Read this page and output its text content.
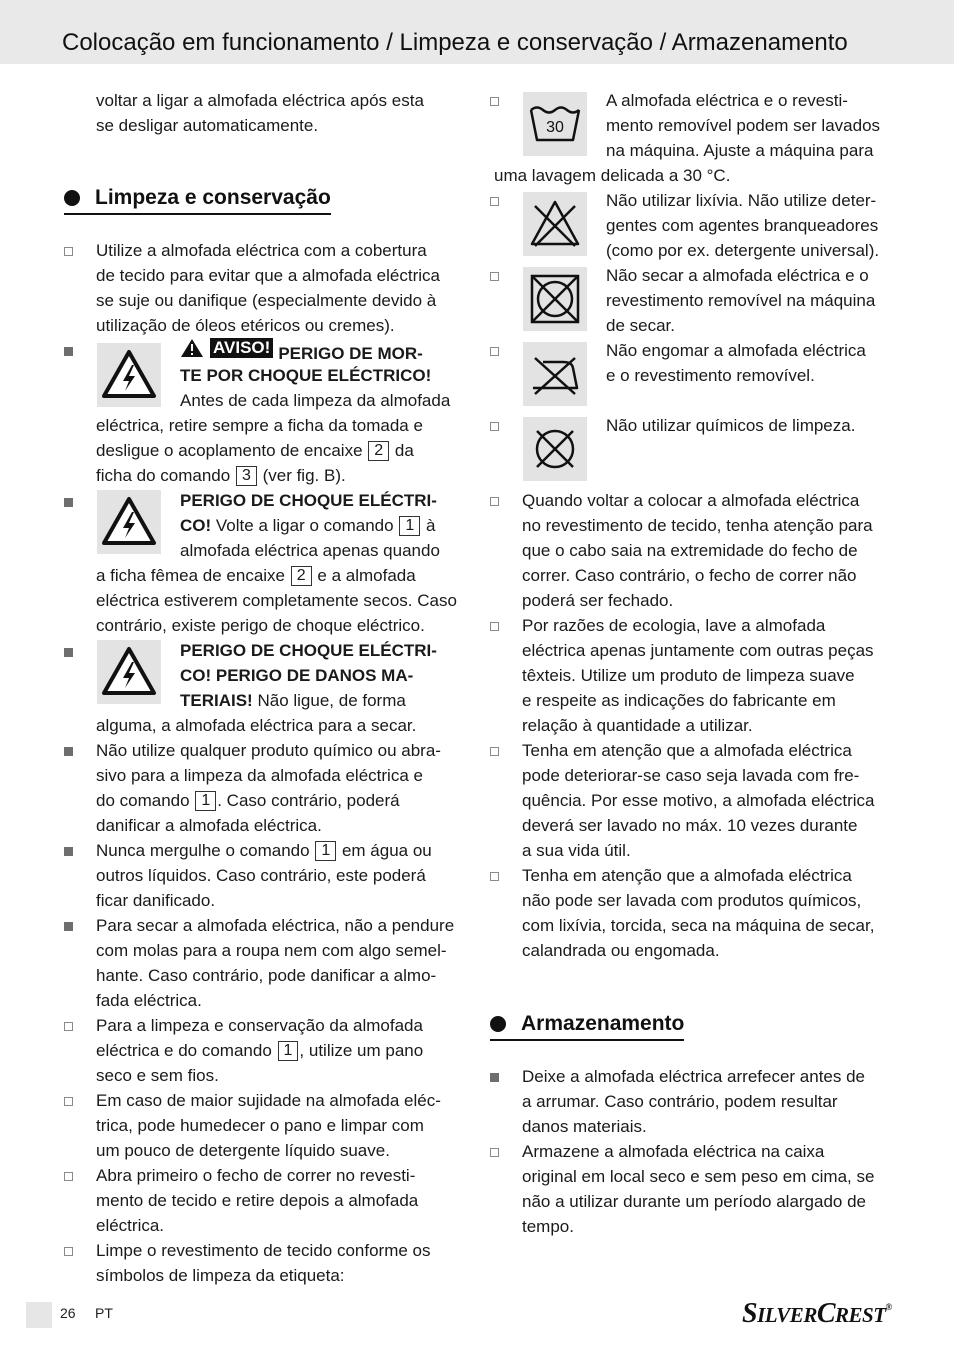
Colocação em funcionamento / Limpeza e conservação / Armazenamento
voltar a ligar a almofada eléctrica após esta
se desligar automaticamente.
Limpeza e conservação
Utilize a almofada eléctrica com a cobertura
de tecido para evitar que a almofada eléctrica
se suje ou danifique (especialmente devido à
utilização de óleos etéricos ou cremes).
AVISO! PERIGO DE MOR-
TE POR CHOQUE ELÉCTRICO!
Antes de cada limpeza da almofada
eléctrica, retire sempre a ficha da tomada e
desligue o acoplamento de encaixe 2 da
ficha do comando 3 (ver fig. B).
PERIGO DE CHOQUE ELÉCTRI-
CO! Volte a ligar o comando 1 à
almofada eléctrica apenas quando
a ficha fêmea de encaixe 2 e a almofada
eléctrica estiverem completamente secos. Caso
contrário, existe perigo de choque eléctrico.
PERIGO DE CHOQUE ELÉCTRI-
CO! PERIGO DE DANOS MA-
TERIAIS! Não ligue, de forma
alguma, a almofada eléctrica para a secar.
Não utilize qualquer produto químico ou abra-
sivo para a limpeza da almofada eléctrica e
do comando 1 . Caso contrário, poderá
danificar a almofada eléctrica.
Nunca mergulhe o comando 1 em água ou
outros líquidos. Caso contrário, este poderá
ficar danificado.
Para secar a almofada eléctrica, não a pendure
com molas para a roupa nem com algo semel-
hante. Caso contrário, pode danificar a almo-
fada eléctrica.
Para a limpeza e conservação da almofada
eléctrica e do comando 1 , utilize um pano
seco e sem fios.
Em caso de maior sujidade na almofada eléc-
trica, pode humedecer o pano e limpar com
um pouco de detergente líquido suave.
Abra primeiro o fecho de correr no revesti-
mento de tecido e retire depois a almofada
eléctrica.
Limpe o revestimento de tecido conforme os
símbolos de limpeza da etiqueta:
30
A almofada eléctrica e o revesti-
mento removível podem ser lavados
na máquina. Ajuste a máquina para
uma lavagem delicada a 30 °C.
Não utilizar lixívia. Não utilize deter-
gentes com agentes branqueadores
(como por ex. detergente universal).
Não secar a almofada eléctrica e o
revestimento removível na máquina
de secar.
Não engomar a almofada eléctrica
e o revestimento removível.
Não utilizar químicos de limpeza.
Quando voltar a colocar a almofada eléctrica
no revestimento de tecido, tenha atenção para
que o cabo saia na extremidade do fecho de
correr. Caso contrário, o fecho de correr não
poderá ser fechado.
Por razões de ecologia, lave a almofada
eléctrica apenas juntamente com outras peças
têxteis. Utilize um produto de limpeza suave
e respeite as indicações do fabricante em
relação à quantidade a utilizar.
Tenha em atenção que a almofada eléctrica
pode deteriorar-se caso seja lavada com fre-
quência. Por esse motivo, a almofada eléctrica
deverá ser lavado no máx. 10 vezes durante
a sua vida útil.
Tenha em atenção que a almofada eléctrica
não pode ser lavada com produtos químicos,
com lixívia, torcida, seca na máquina de secar,
calandrada ou engomada.
Armazenamento
Deixe a almofada eléctrica arrefecer antes de
a arrumar. Caso contrário, podem resultar
danos materiais.
Armazene a almofada eléctrica na caixa
original em local seco e sem peso em cima, se
não a utilizar durante um período alargado de
tempo.
26 PT	SILVERCREST®
